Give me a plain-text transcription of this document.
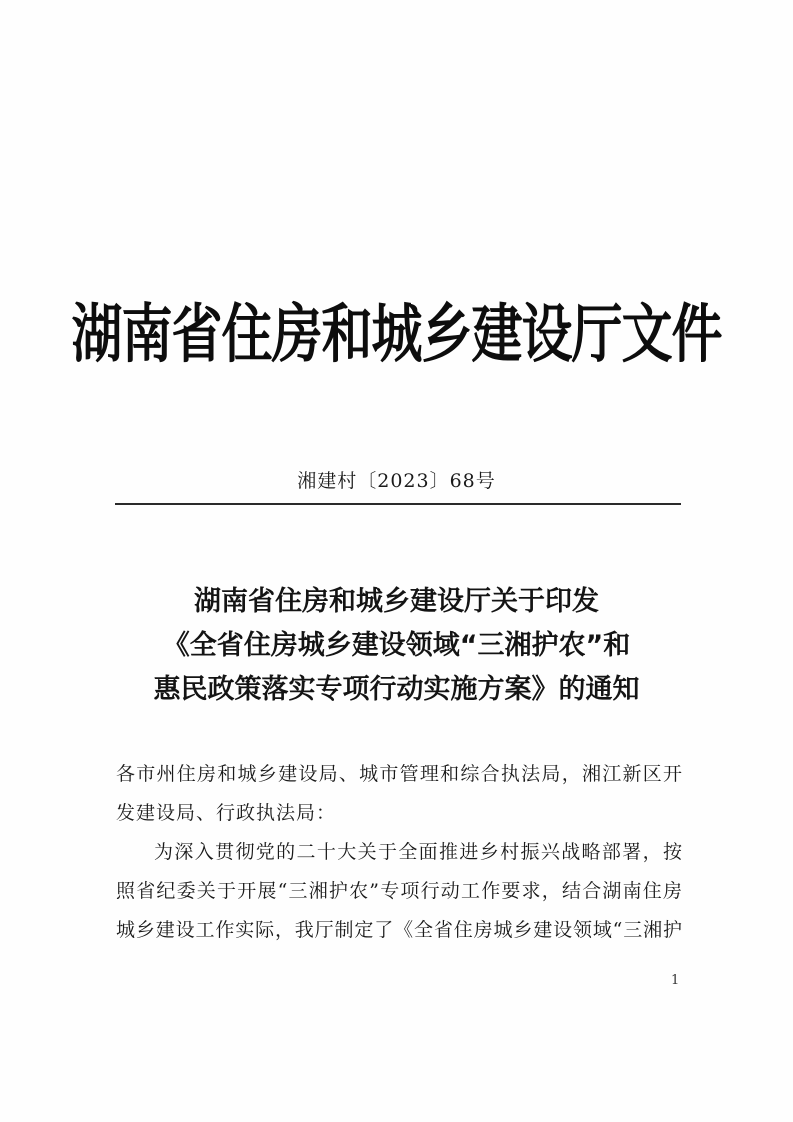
湖南省住房和城乡建设厅文件
湘建村〔2023〕68号
湖南省住房和城乡建设厅关于印发
《全省住房城乡建设领域“三湘护农”和
惠民政策落实专项行动实施方案》的通知
各市州住房和城乡建设局、城市管理和综合执法局，湘江新区开
发建设局、行政执法局：
为深入贯彻党的二十大关于全面推进乡村振兴战略部署，按
照省纪委关于开展“三湘护农”专项行动工作要求，结合湖南住房
城乡建设工作实际，我厅制定了《全省住房城乡建设领域“三湘护
1
